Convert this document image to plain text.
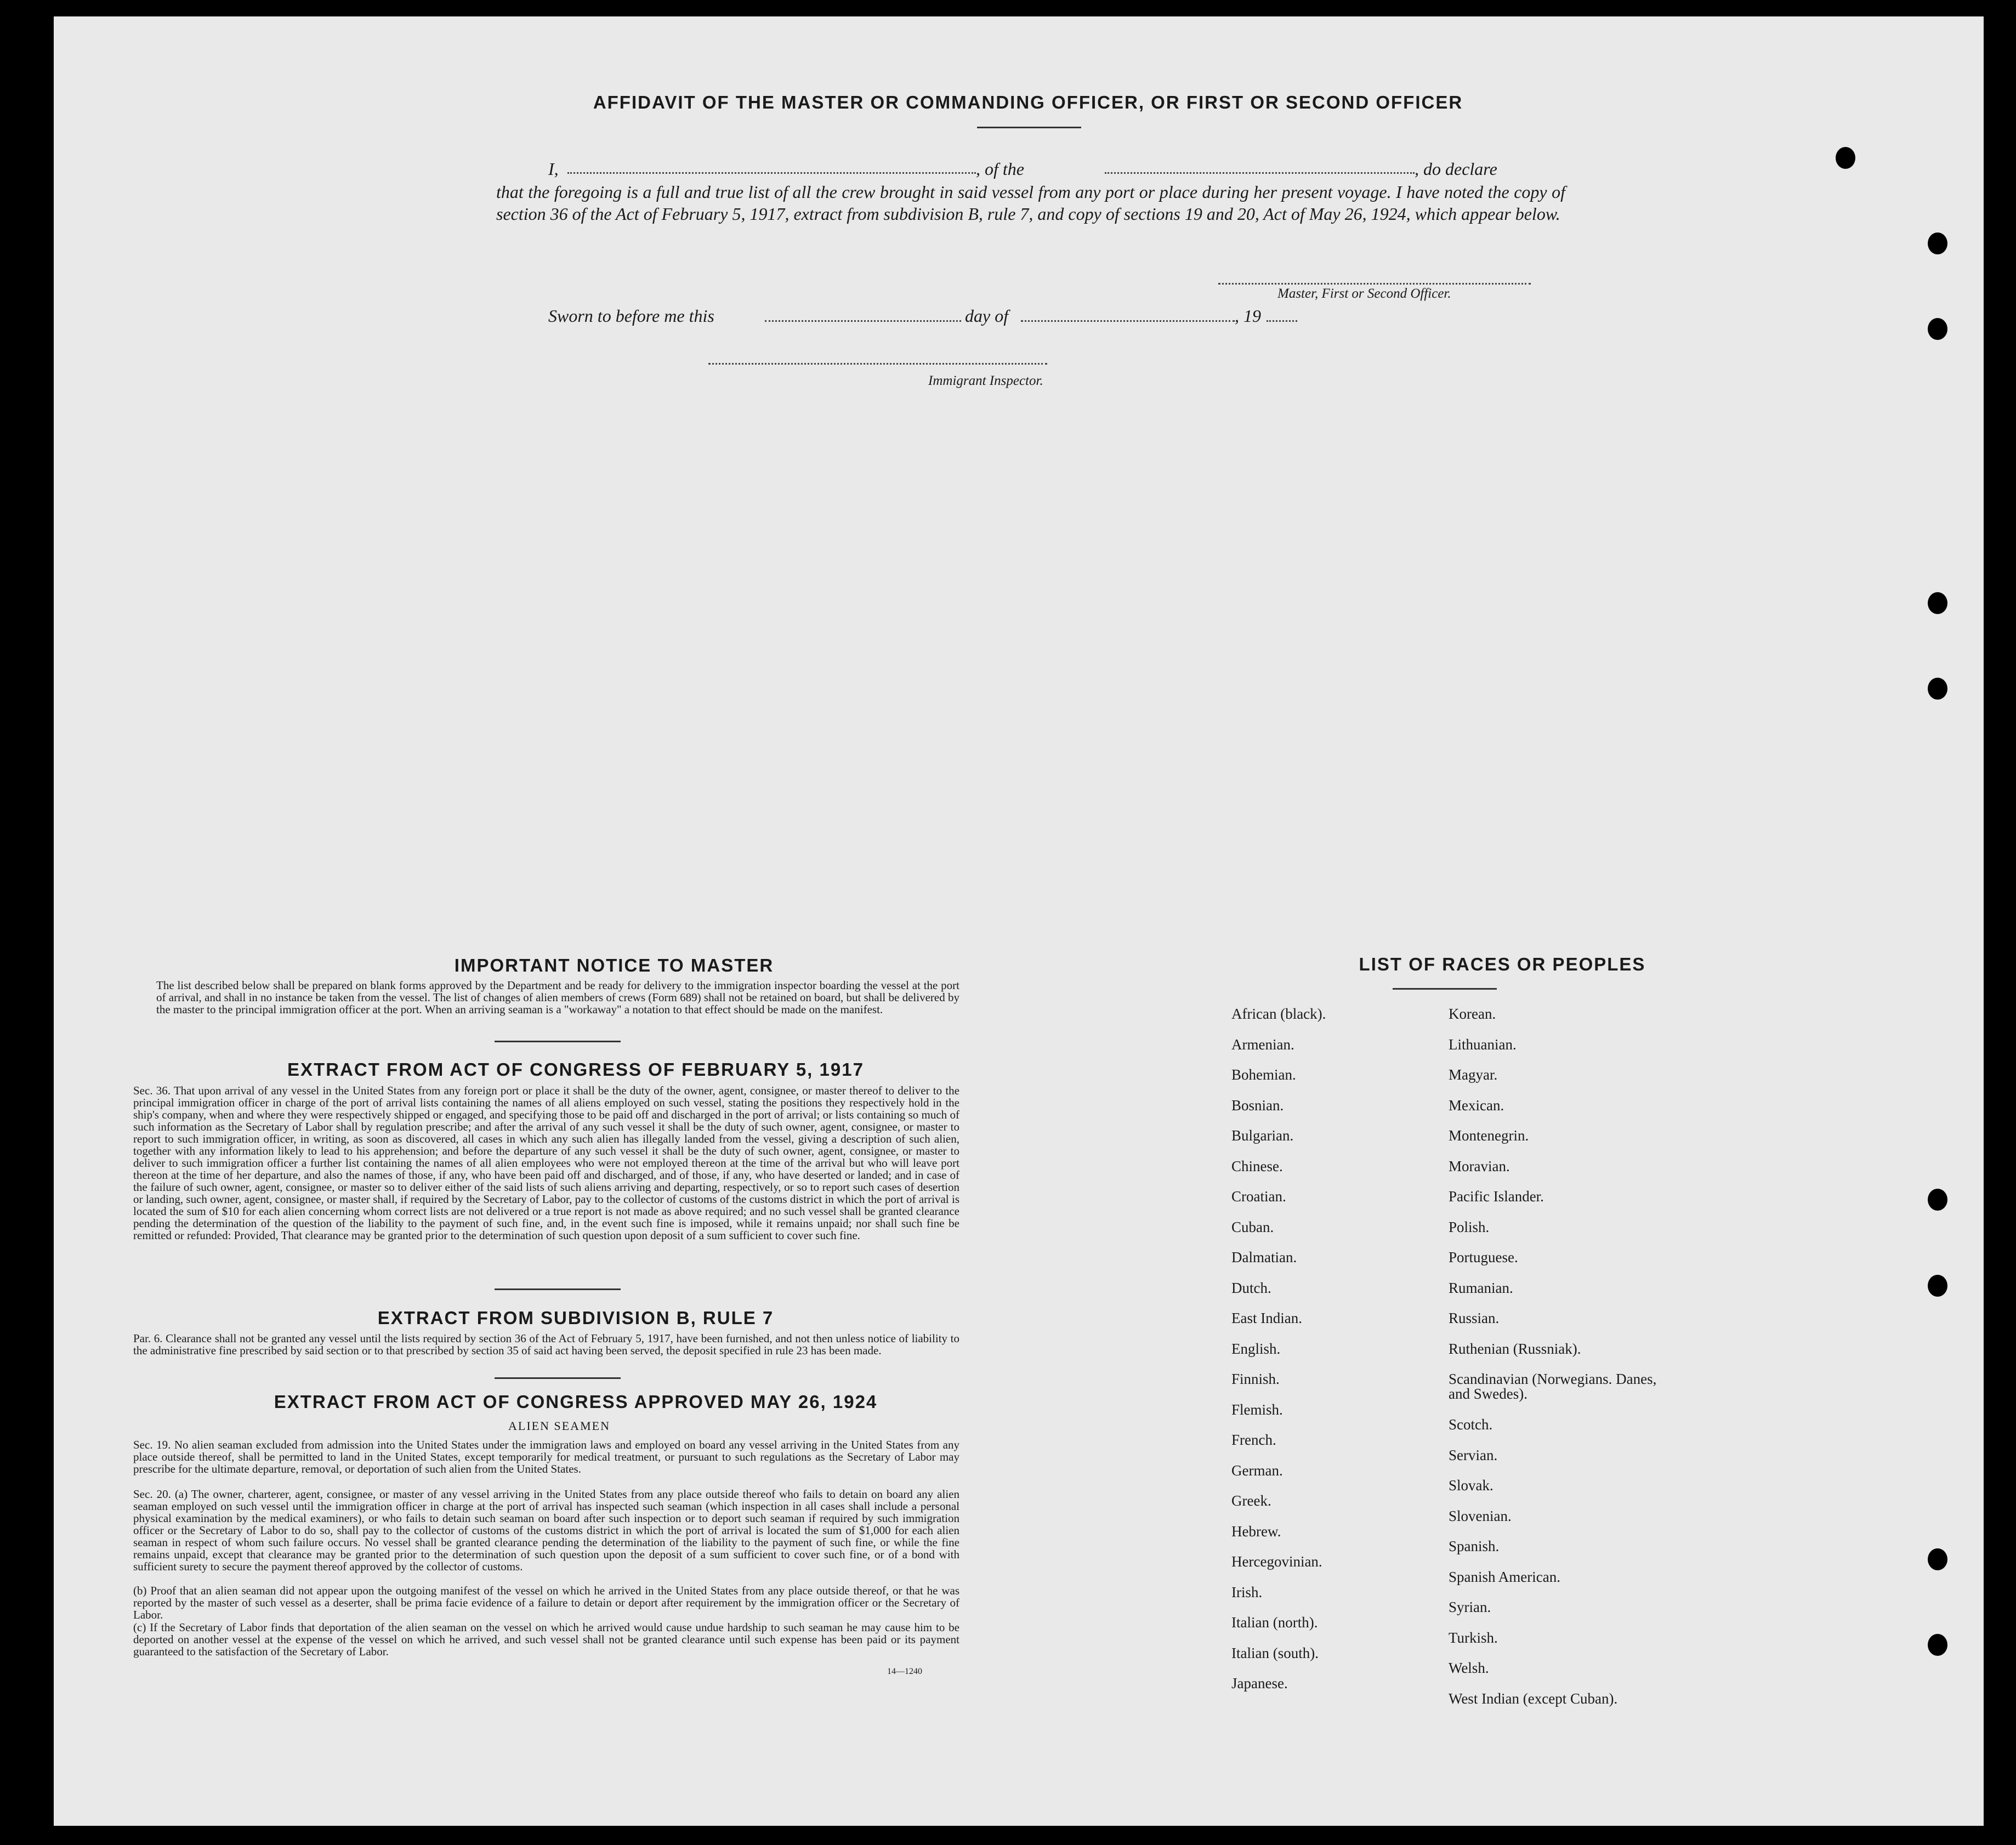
AFFIDAVIT OF THE MASTER OR COMMANDING OFFICER, OR FIRST OR SECOND OFFICER
I,	, of the	, do declare
that the foregoing is a full and true list of all the crew brought in said vessel from any port or place during her present voyage. I have noted the copy of section 36 of the Act of February 5, 1917, extract from subdivision B, rule 7, and copy of sections 19 and 20, Act of May 26, 1924, which appear below.
Master, First or Second Officer.
Sworn to before me this	day of	, 19
Immigrant Inspector.
IMPORTANT NOTICE TO MASTER
The list described below shall be prepared on blank forms approved by the Department and be ready for delivery to the immigration inspector boarding the vessel at the port of arrival, and shall in no instance be taken from the vessel. The list of changes of alien members of crews (Form 689) shall not be retained on board, but shall be delivered by the master to the principal immigration officer at the port. When an arriving seaman is a "workaway" a notation to that effect should be made on the manifest.
EXTRACT FROM ACT OF CONGRESS OF FEBRUARY 5, 1917
Sec. 36. That upon arrival of any vessel in the United States from any foreign port or place it shall be the duty of the owner, agent, consignee, or master thereof to deliver to the principal immigration officer in charge of the port of arrival lists containing the names of all aliens employed on such vessel, stating the positions they respectively hold in the ship's company, when and where they were respectively shipped or engaged, and specifying those to be paid off and discharged in the port of arrival; or lists containing so much of such information as the Secretary of Labor shall by regulation prescribe; and after the arrival of any such vessel it shall be the duty of such owner, agent, consignee, or master to report to such immigration officer, in writing, as soon as discovered, all cases in which any such alien has illegally landed from the vessel, giving a description of such alien, together with any information likely to lead to his apprehension; and before the departure of any such vessel it shall be the duty of such owner, agent, consignee, or master to deliver to such immigration officer a further list containing the names of all alien employees who were not employed thereon at the time of the arrival but who will leave port thereon at the time of her departure, and also the names of those, if any, who have been paid off and discharged, and of those, if any, who have deserted or landed; and in case of the failure of such owner, agent, consignee, or master so to deliver either of the said lists of such aliens arriving and departing, respectively, or so to report such cases of desertion or landing, such owner, agent, consignee, or master shall, if required by the Secretary of Labor, pay to the collector of customs of the customs district in which the port of arrival is located the sum of $10 for each alien concerning whom correct lists are not delivered or a true report is not made as above required; and no such vessel shall be granted clearance pending the determination of the question of the liability to the payment of such fine, and, in the event such fine is imposed, while it remains unpaid; nor shall such fine be remitted or refunded: Provided, That clearance may be granted prior to the determination of such question upon deposit of a sum sufficient to cover such fine.
EXTRACT FROM SUBDIVISION B, RULE 7
Par. 6. Clearance shall not be granted any vessel until the lists required by section 36 of the Act of February 5, 1917, have been furnished, and not then unless notice of liability to the administrative fine prescribed by said section or to that prescribed by section 35 of said act having been served, the deposit specified in rule 23 has been made.
EXTRACT FROM ACT OF CONGRESS APPROVED MAY 26, 1924
ALIEN SEAMEN
Sec. 19. No alien seaman excluded from admission into the United States under the immigration laws and employed on board any vessel arriving in the United States from any place outside thereof, shall be permitted to land in the United States, except temporarily for medical treatment, or pursuant to such regulations as the Secretary of Labor may prescribe for the ultimate departure, removal, or deportation of such alien from the United States.
Sec. 20. (a) The owner, charterer, agent, consignee, or master of any vessel arriving in the United States from any place outside thereof who fails to detain on board any alien seaman employed on such vessel until the immigration officer in charge at the port of arrival has inspected such seaman (which inspection in all cases shall include a personal physical examination by the medical examiners), or who fails to detain such seaman on board after such inspection or to deport such seaman if required by such immigration officer or the Secretary of Labor to do so, shall pay to the collector of customs of the customs district in which the port of arrival is located the sum of $1,000 for each alien seaman in respect of whom such failure occurs. No vessel shall be granted clearance pending the determination of the liability to the payment of such fine, or while the fine remains unpaid, except that clearance may be granted prior to the determination of such question upon the deposit of a sum sufficient to cover such fine, or of a bond with sufficient surety to secure the payment thereof approved by the collector of customs.
(b) Proof that an alien seaman did not appear upon the outgoing manifest of the vessel on which he arrived in the United States from any place outside thereof, or that he was reported by the master of such vessel as a deserter, shall be prima facie evidence of a failure to detain or deport after requirement by the immigration officer or the Secretary of Labor.
(c) If the Secretary of Labor finds that deportation of the alien seaman on the vessel on which he arrived would cause undue hardship to such seaman he may cause him to be deported on another vessel at the expense of the vessel on which he arrived, and such vessel shall not be granted clearance until such expense has been paid or its payment guaranteed to the satisfaction of the Secretary of Labor.
14—1240
LIST OF RACES OR PEOPLES
African (black).
Armenian.
Bohemian.
Bosnian.
Bulgarian.
Chinese.
Croatian.
Cuban.
Dalmatian.
Dutch.
East Indian.
English.
Finnish.
Flemish.
French.
German.
Greek.
Hebrew.
Hercegovinian.
Irish.
Italian (north).
Italian (south).
Japanese.
Korean.
Lithuanian.
Magyar.
Mexican.
Montenegrin.
Moravian.
Pacific Islander.
Polish.
Portuguese.
Rumanian.
Russian.
Ruthenian (Russniak).
Scandinavian (Norwegians. Danes, and Swedes).
Scotch.
Servian.
Slovak.
Slovenian.
Spanish.
Spanish American.
Syrian.
Turkish.
Welsh.
West Indian (except Cuban).
